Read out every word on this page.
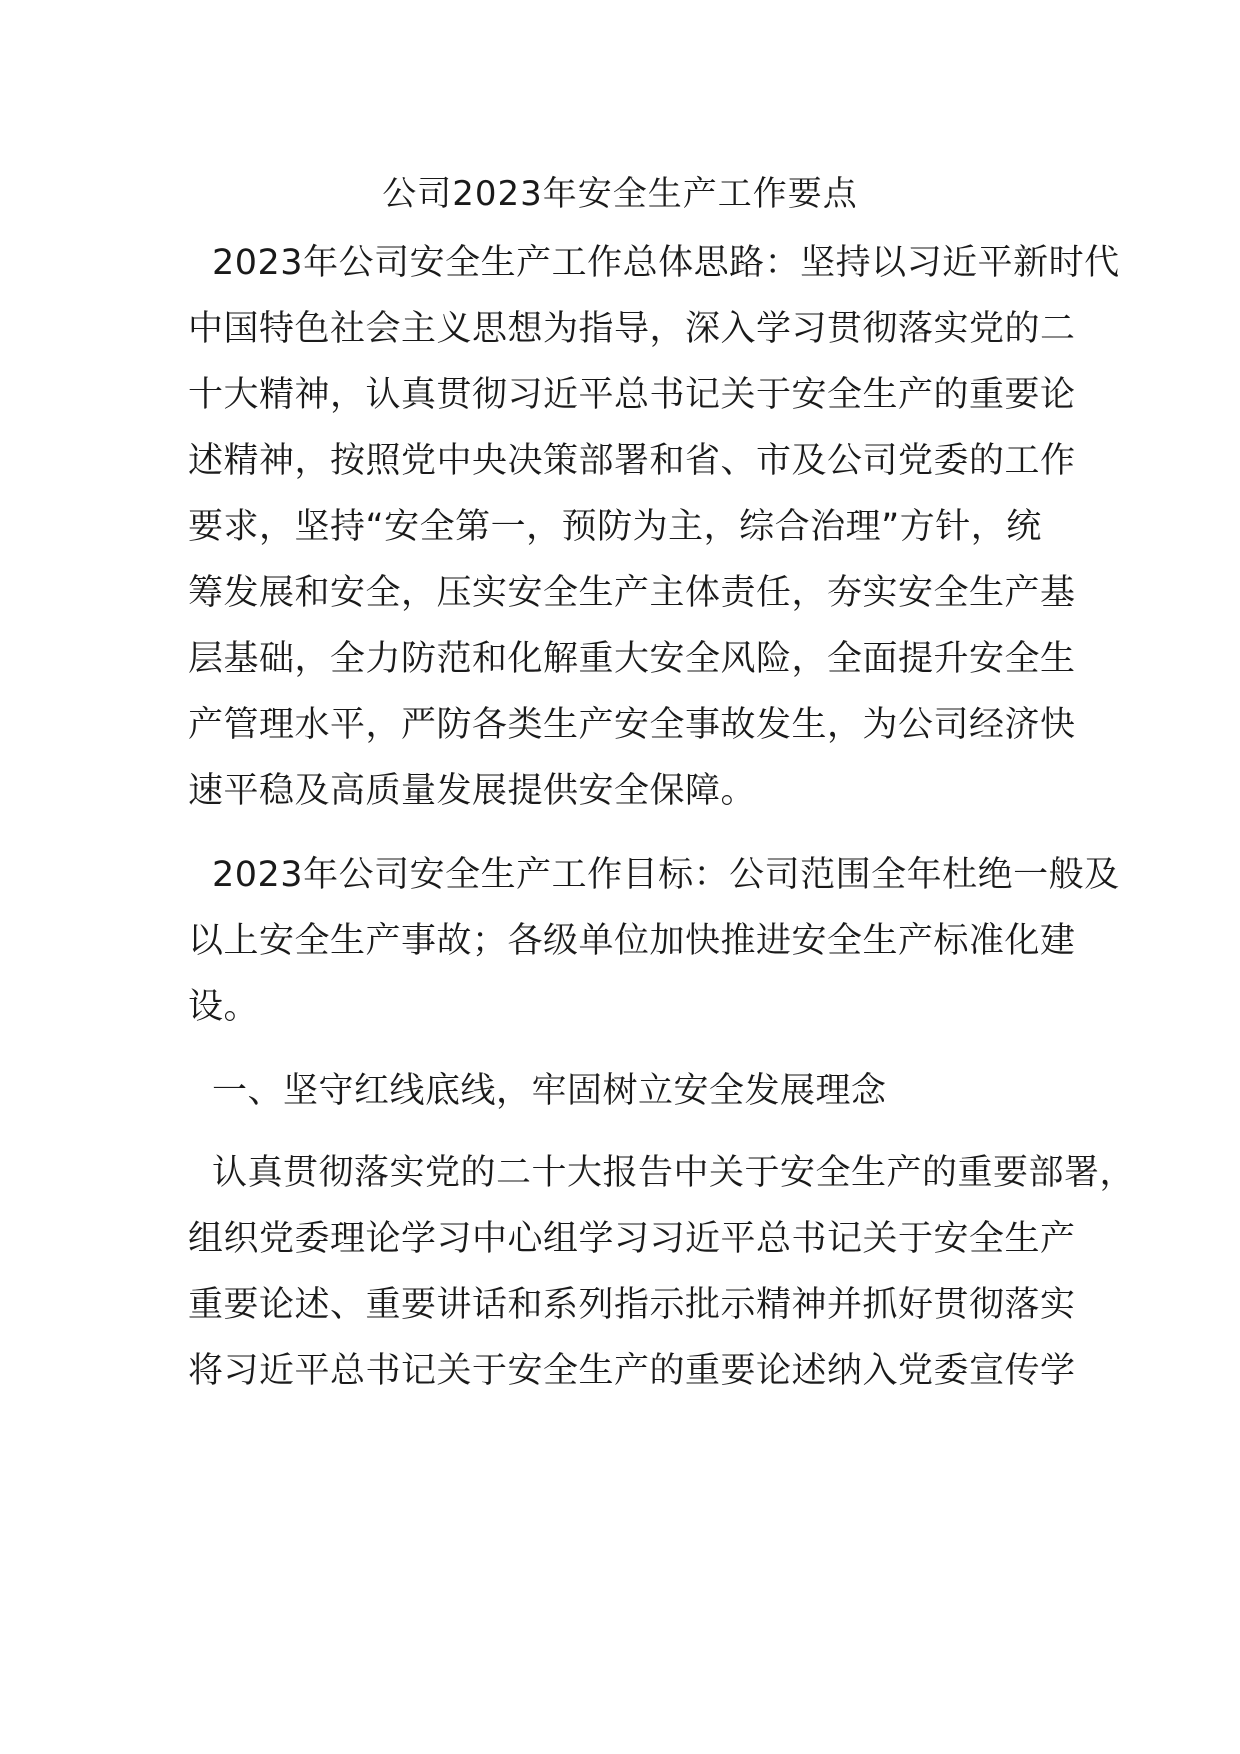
公司2023年安全生产工作要点
2023年公司安全生产工作总体思路：坚持以习近平新时代
中国特色社会主义思想为指导，深入学习贯彻落实党的二
十大精神，认真贯彻习近平总书记关于安全生产的重要论
述精神，按照党中央决策部署和省、市及公司党委的工作
要求，坚持“安全第一，预防为主，综合治理”方针，统
筹发展和安全，压实安全生产主体责任，夯实安全生产基
层基础，全力防范和化解重大安全风险，全面提升安全生
产管理水平，严防各类生产安全事故发生，为公司经济快
速平稳及高质量发展提供安全保障。
2023年公司安全生产工作目标：公司范围全年杜绝一般及
以上安全生产事故；各级单位加快推进安全生产标准化建
设。
一、坚守红线底线，牢固树立安全发展理念
认真贯彻落实党的二十大报告中关于安全生产的重要部署，
组织党委理论学习中心组学习习近平总书记关于安全生产
重要论述、重要讲话和系列指示批示精神并抓好贯彻落实
将习近平总书记关于安全生产的重要论述纳入党委宣传学
